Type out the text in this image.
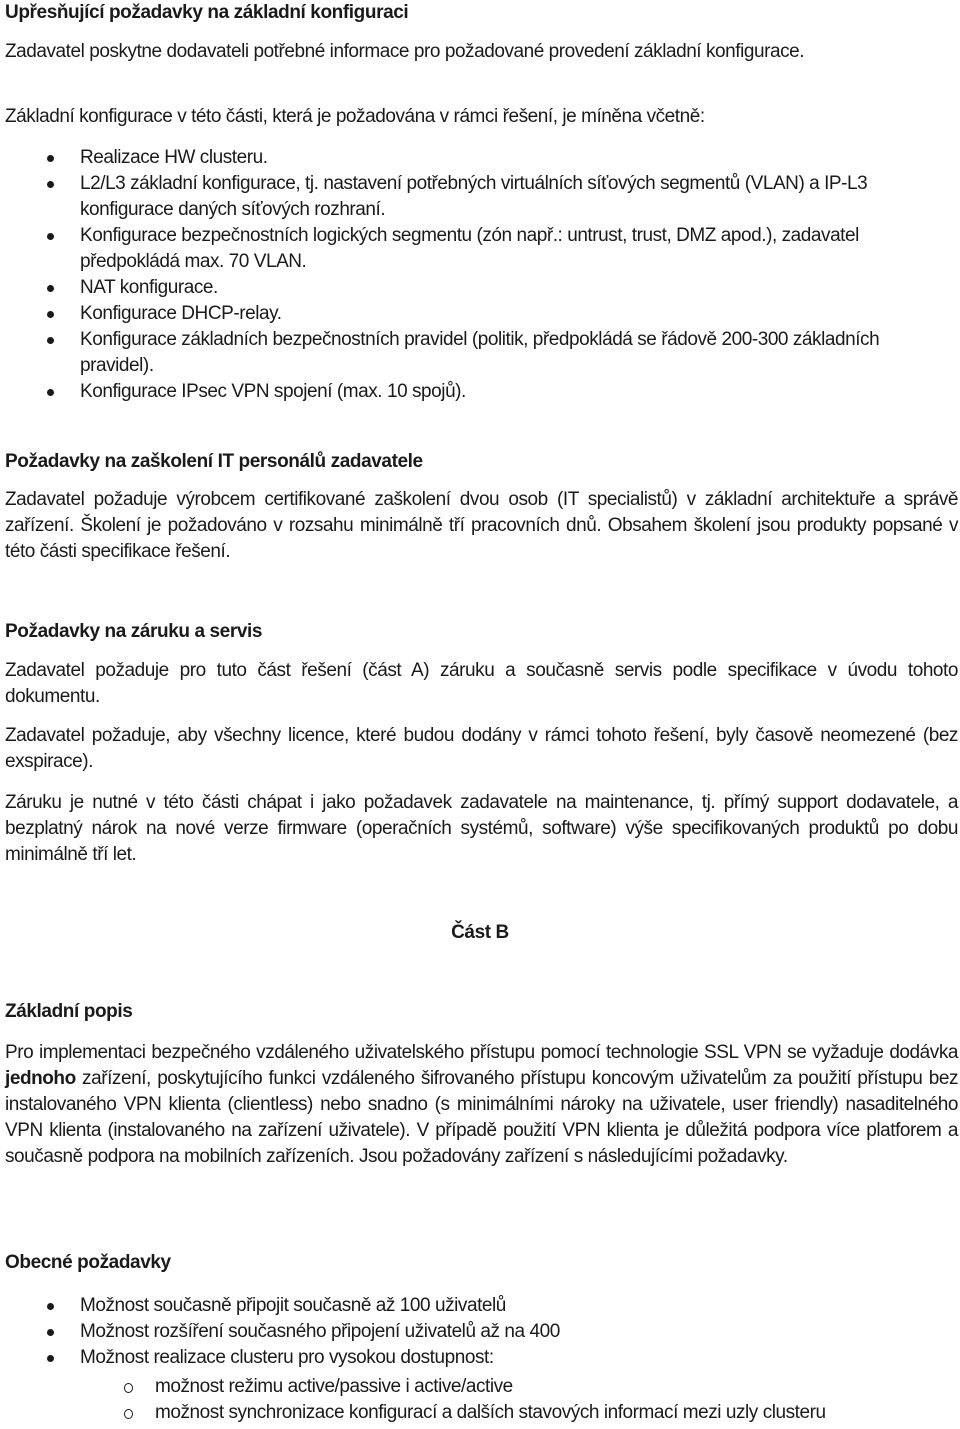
Upřesňující požadavky na základní konfiguraci

Zadavatel poskytne dodavateli potřebné informace pro požadované provedení základní konfigurace.

Základní konfigurace v této části, která je požadována v rámci řešení, je míněna včetně:

Realizace HW clusteru.
L2/L3 základní konfigurace, tj. nastavení potřebných virtuálních síťových segmentů (VLAN) a IP-L3 konfigurace daných síťových rozhraní.
Konfigurace bezpečnostních logických segmentu (zón např.: untrust, trust, DMZ apod.), zadavatel předpokládá max. 70 VLAN.
NAT konfigurace.
Konfigurace DHCP-relay.
Konfigurace základních bezpečnostních pravidel (politik, předpokládá se řádově 200-300 základních pravidel).
Konfigurace IPsec VPN spojení (max. 10 spojů).
Požadavky na zaškolení IT personálů zadavatele

Zadavatel požaduje výrobcem certifikované zaškolení dvou osob (IT specialistů) v základní architektuře a správě zařízení. Školení je požadováno v rozsahu minimálně tří pracovních dnů. Obsahem školení jsou produkty popsané v této části specifikace řešení.

Požadavky na záruku a servis

Zadavatel požaduje pro tuto část řešení (část A) záruku a současně servis podle specifikace v úvodu tohoto dokumentu.

Zadavatel požaduje, aby všechny licence, které budou dodány v rámci tohoto řešení, byly časově neomezené (bez exspirace).

Záruku je nutné v této části chápat i jako požadavek zadavatele na maintenance, tj. přímý support dodavatele, a bezplatný nárok na nové verze firmware (operačních systémů, software) výše specifikovaných produktů po dobu minimálně tří let.

Část B
Základní popis

Pro implementaci bezpečného vzdáleného uživatelského přístupu pomocí technologie SSL VPN se vyžaduje dodávka jednoho zařízení, poskytujícího funkci vzdáleného šifrovaného přístupu koncovým uživatelům za použití přístupu bez instalovaného VPN klienta (clientless) nebo snadno (s minimálními nároky na uživatele, user friendly) nasaditelného VPN klienta (instalovaného na zařízení uživatele). V případě použití VPN klienta je důležitá podpora více platforem a současně podpora na mobilních zařízeních. Jsou požadovány zařízení s následujícími požadavky.

Obecné požadavky
Možnost současně připojit současně až 100 uživatelů
Možnost rozšíření současného připojení uživatelů až na 400
Možnost realizace clusteru pro vysokou dostupnost:
možnost režimu active/passive i active/active
možnost synchronizace konfigurací a dalších stavových informací mezi uzly clusteru
